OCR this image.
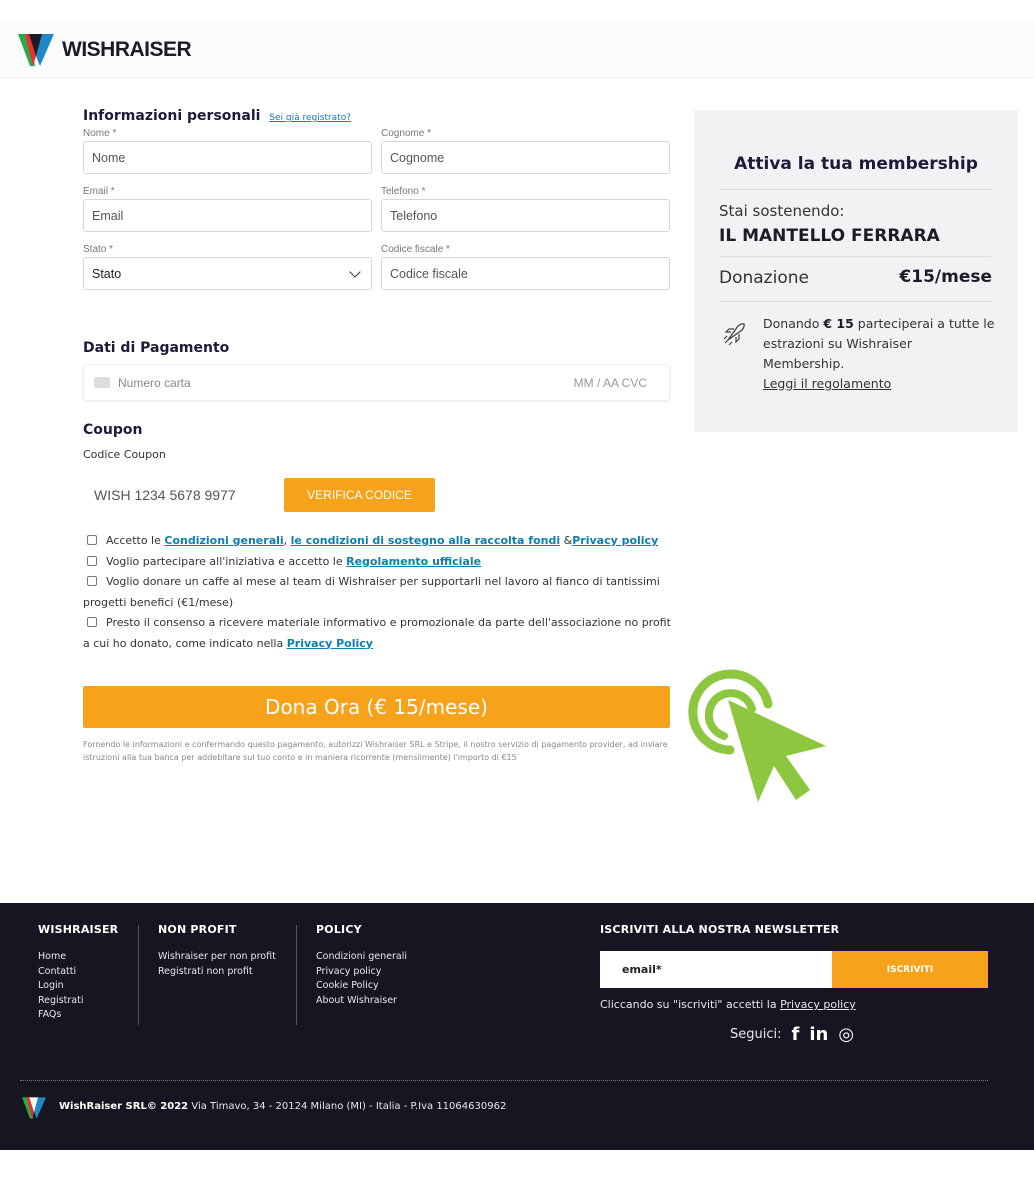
WISHRAISER
Informazioni personali Sei già registrato?
Nome *
Nome
Cognome *
Cognome
Email *
Email
Telefono *
Telefono
Stato *
Stato
Codice fiscale *
Codice fiscale
Dati di Pagamento
Numero carta	MM / AA CVC
Coupon
Codice Coupon
WISH 1234 5678 9977	VERIFICA CODICE
Accetto le Condizioni generali, le condizioni di sostegno alla raccolta fondi &Privacy policy
Voglio partecipare all'iniziativa e accetto le Regolamento ufficiale
Voglio donare un caffe al mese al team di Wishraiser per supportarli nel lavoro al fianco di tantissimi progetti benefici (€1/mese)
Presto il consenso a ricevere materiale informativo e promozionale da parte dell'associazione no profit a cui ho donato, come indicato nella Privacy Policy
Dona Ora (€ 15/mese)
Fornendo le informazioni e confermando questo pagamento, autorizzi Wishraiser SRL e Stripe, il nostro servizio di pagamento provider, ad inviare istruzioni alla tua banca per addebitare sul tuo conto e in maniera ricorrente (mensilmente) l'importo di €15
Attiva la tua membership
Stai sostenendo:
IL MANTELLO FERRARA
Donazione	€15/mese
Donando € 15 parteciperai a tutte le estrazioni su Wishraiser Membership.
Leggi il regolamento
WISHRAISER
Home
Contatti
Login
Registrati
FAQs
NON PROFIT
Wishraiser per non profit
Registrati non profit
POLICY
Condizioni generali
Privacy policy
Cookie Policy
About Wishraiser
ISCRIVITI ALLA NOSTRA NEWSLETTER
email*	ISCRIVITI
Cliccando su "iscriviti" accetti la Privacy policy
Seguici: f in ◎
WishRaiser SRL© 2022 Via Timavo, 34 - 20124 Milano (MI) - Italia - P.Iva 11064630962
